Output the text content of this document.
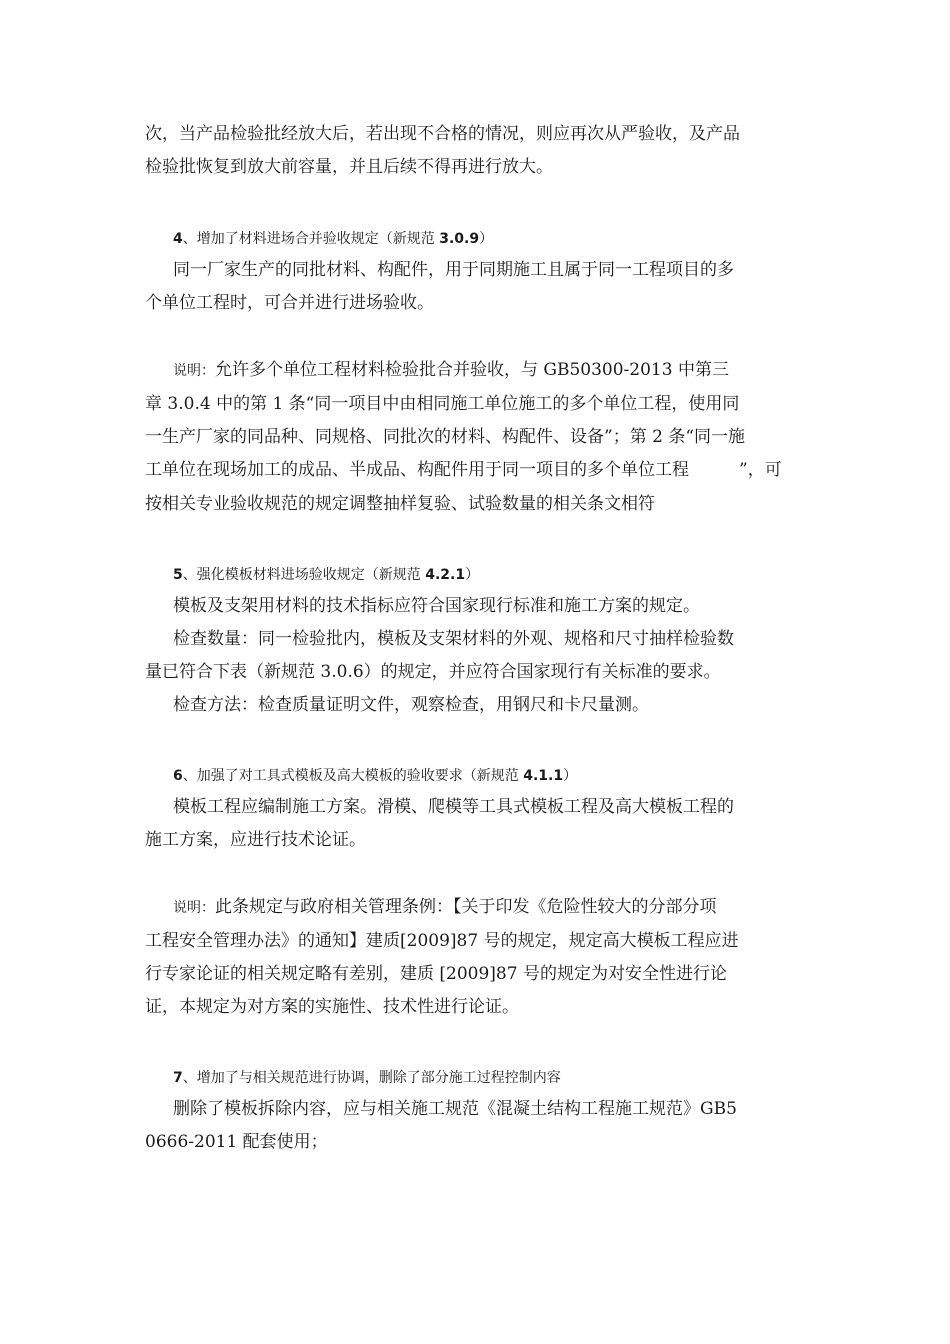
次，当产品检验批经放大后，若出现不合格的情况，则应再次从严验收，及产品
检验批恢复到放大前容量，并且后续不得再进行放大。
4、增加了材料进场合并验收规定（新规范 3.0.9）
同一厂家生产的同批材料、构配件，用于同期施工且属于同一工程项目的多
个单位工程时，可合并进行进场验收。
说明：允许多个单位工程材料检验批合并验收，与 GB50300-2013 中第三
章 3.0.4 中的第 1 条“同一项目中由相同施工单位施工的多个单位工程，使用同
一生产厂家的同品种、同规格、同批次的材料、构配件、设备”；第 2 条“同一施
工单位在现场加工的成品、半成品、构配件用于同一项目的多个单位工程	”，可
按相关专业验收规范的规定调整抽样复验、试验数量的相关条文相符
5、强化模板材料进场验收规定（新规范 4.2.1）
模板及支架用材料的技术指标应符合国家现行标准和施工方案的规定。
检查数量：同一检验批内，模板及支架材料的外观、规格和尺寸抽样检验数
量已符合下表（新规范 3.0.6）的规定，并应符合国家现行有关标准的要求。
检查方法：检查质量证明文件，观察检查，用钢尺和卡尺量测。
6、加强了对工具式模板及高大模板的验收要求（新规范 4.1.1）
模板工程应编制施工方案。滑模、爬模等工具式模板工程及高大模板工程的
施工方案，应进行技术论证。
说明：此条规定与政府相关管理条例：【关于印发《危险性较大的分部分项
工程安全管理办法》的通知】建质[2009]87 号的规定，规定高大模板工程应进
行专家论证的相关规定略有差别，建质 [2009]87 号的规定为对安全性进行论
证，本规定为对方案的实施性、技术性进行论证。
7、增加了与相关规范进行协调，删除了部分施工过程控制内容
删除了模板拆除内容，应与相关施工规范《混凝土结构工程施工规范》GB5
0666-2011 配套使用；
